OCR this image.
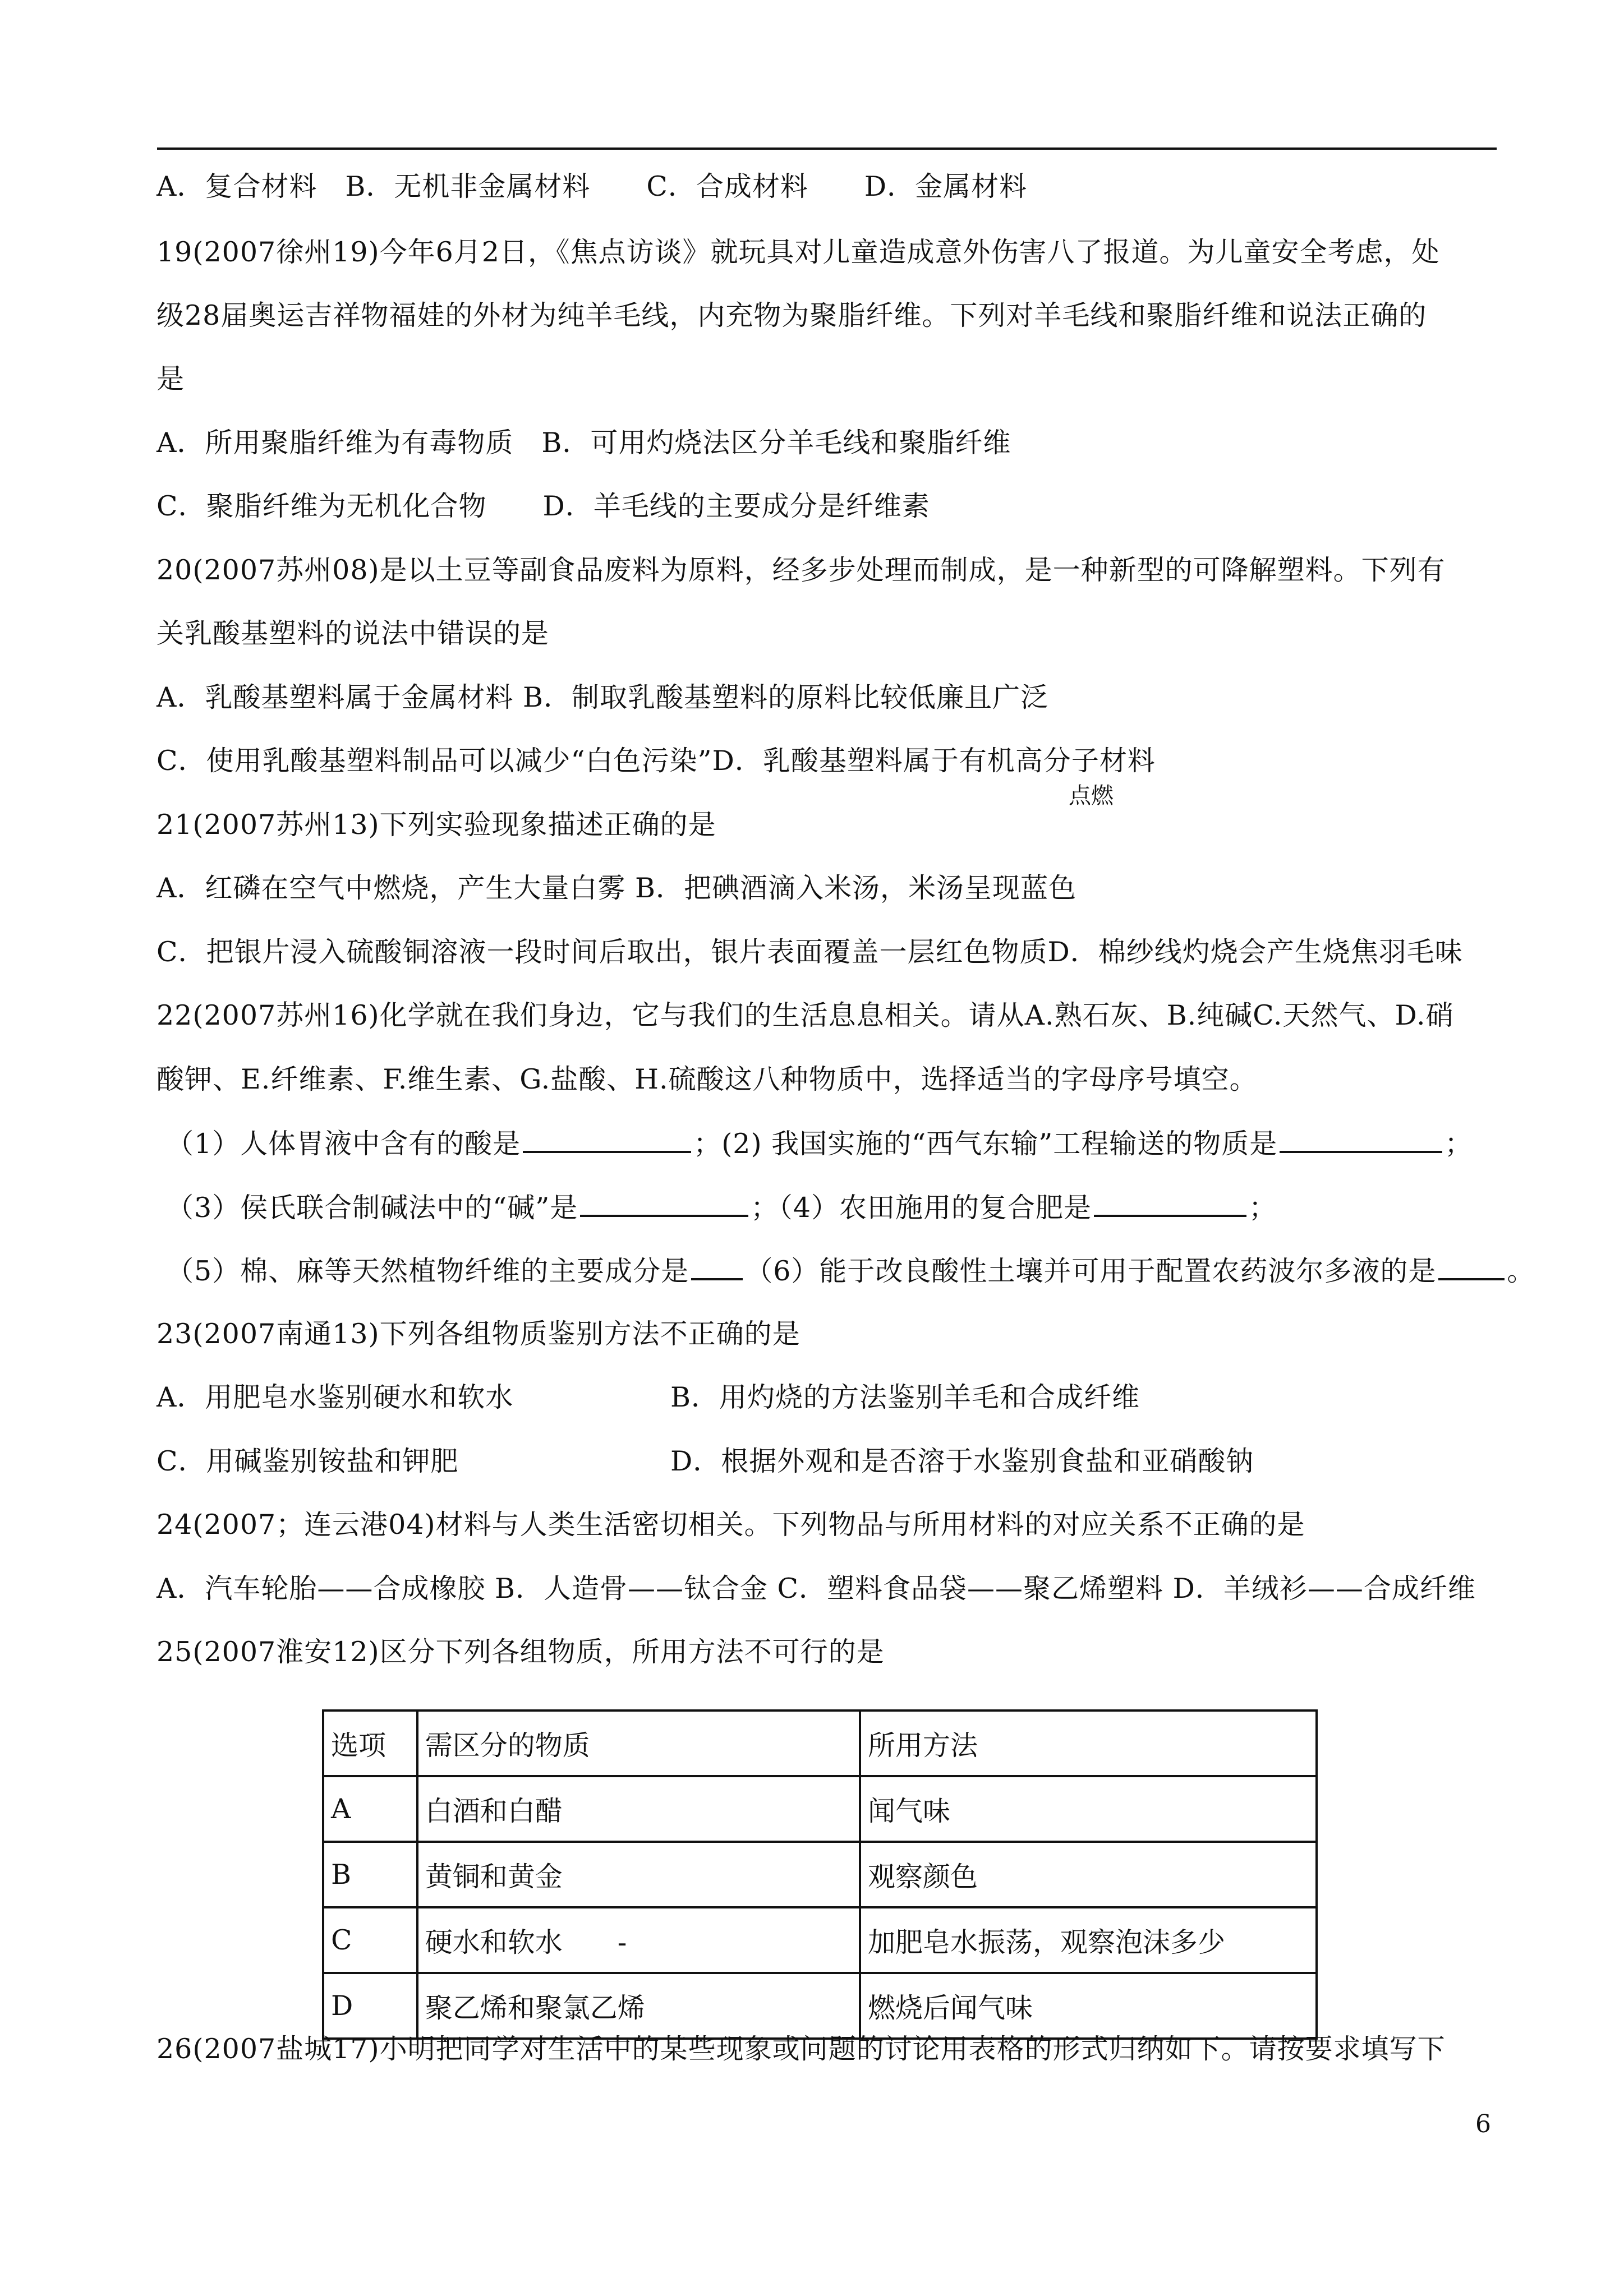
A．复合材料　B．无机非金属材料　　C．合成材料　　D．金属材料
19(2007徐州19)今年6月2日，《焦点访谈》就玩具对儿童造成意外伤害八了报道。为儿童安全考虑，处
级28届奥运吉祥物福娃的外材为纯羊毛线，内充物为聚脂纤维。下列对羊毛线和聚脂纤维和说法正确的
是
A．所用聚脂纤维为有毒物质　B．可用灼烧法区分羊毛线和聚脂纤维
C．聚脂纤维为无机化合物　　D．羊毛线的主要成分是纤维素
20(2007苏州08)是以土豆等副食品废料为原料，经多步处理而制成，是一种新型的可降解塑料。下列有
关乳酸基塑料的说法中错误的是
A．乳酸基塑料属于金属材料 B．制取乳酸基塑料的原料比较低廉且广泛
C．使用乳酸基塑料制品可以减少“白色污染”D．乳酸基塑料属于有机高分子材料
点燃
21(2007苏州13)下列实验现象描述正确的是
A．红磷在空气中燃烧，产生大量白雾 B．把碘酒滴入米汤，米汤呈现蓝色
C．把银片浸入硫酸铜溶液一段时间后取出，银片表面覆盖一层红色物质D．棉纱线灼烧会产生烧焦羽毛味
22(2007苏州16)化学就在我们身边，它与我们的生活息息相关。请从A.熟石灰、B.纯碱C.天然气、D.硝
酸钾、E.纤维素、F.维生素、G.盐酸、H.硫酸这八种物质中，选择适当的字母序号填空。
（1）人体胃液中含有的酸是	；(2) 我国实施的“西气东输”工程输送的物质是	；
（3）侯氏联合制碱法中的“碱”是	；（4）农田施用的复合肥是	；
（5）棉、麻等天然植物纤维的主要成分是 （6）能于改良酸性土壤并可用于配置农药波尔多液的是	。
23(2007南通13)下列各组物质鉴别方法不正确的是
A．用肥皂水鉴别硬水和软水	B．用灼烧的方法鉴别羊毛和合成纤维
C．用碱鉴别铵盐和钾肥	D．根据外观和是否溶于水鉴别食盐和亚硝酸钠
24(2007；连云港04)材料与人类生活密切相关。下列物品与所用材料的对应关系不正确的是
A．汽车轮胎——合成橡胶 B．人造骨——钛合金 C．塑料食品袋——聚乙烯塑料 D．羊绒衫——合成纤维
25(2007淮安12)区分下列各组物质，所用方法不可行的是
选项	需区分的物质	所用方法
A	白酒和白醋	闻气味
B	黄铜和黄金	观察颜色
C	硬水和软水　　-	加肥皂水振荡，观察泡沫多少
D	聚乙烯和聚氯乙烯	燃烧后闻气味
26(2007盐城17)小明把同学对生活中的某些现象或问题的讨论用表格的形式归纳如下。请按要求填写下
6
